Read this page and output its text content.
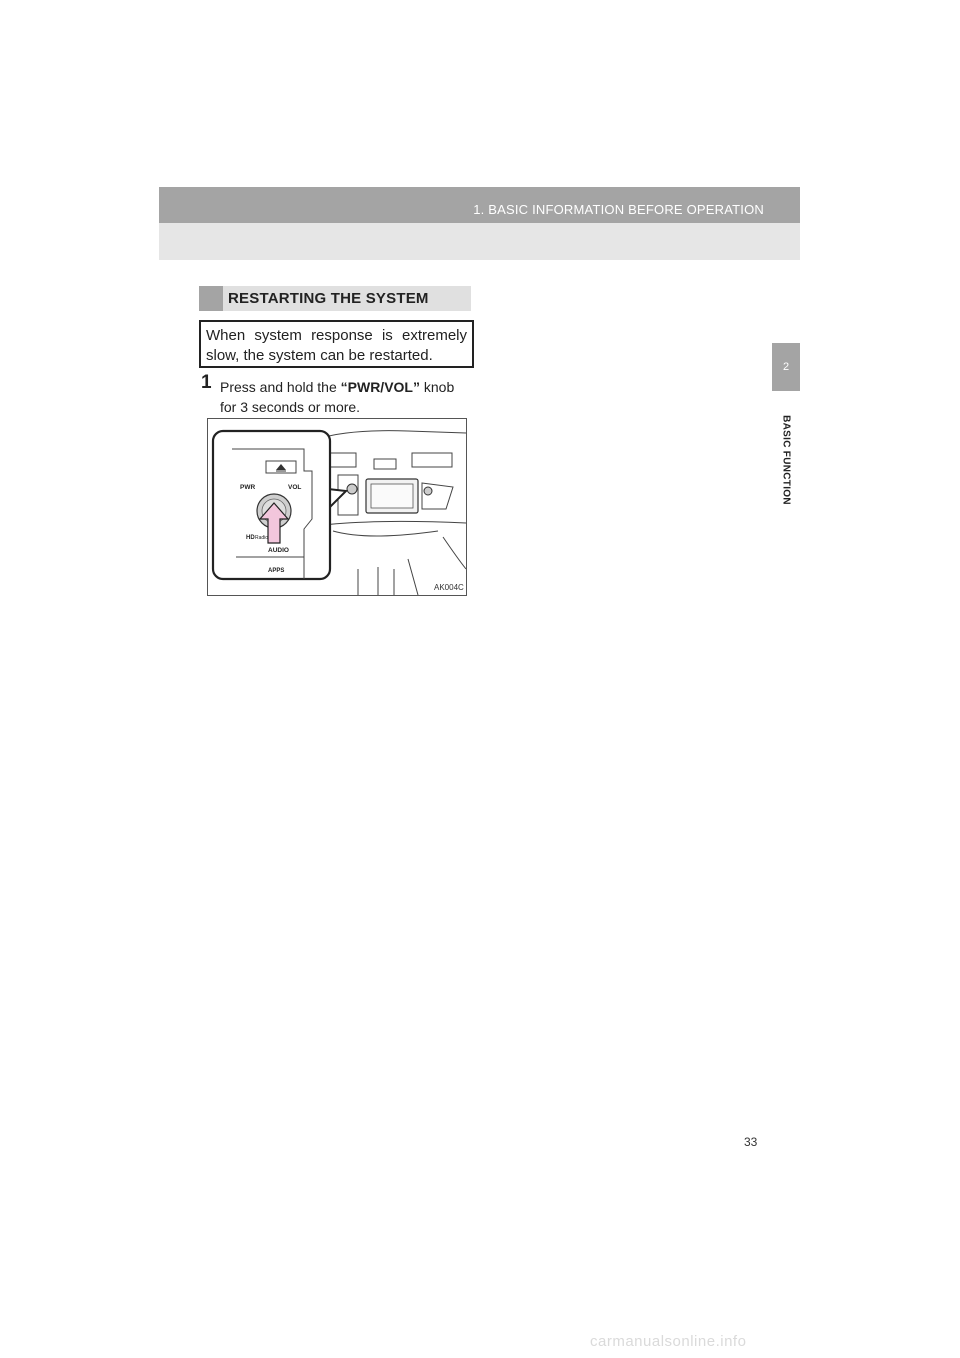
1. BASIC INFORMATION BEFORE OPERATION
2
BASIC FUNCTION
RESTARTING THE SYSTEM
When system response is extremely slow, the system can be restarted.
1 Press and hold the “PWR/VOL” knob for 3 seconds or more.
PWR	VOL
HD Radio
AUDIO
APPS
AK004C
33
carmanualsonline.info
